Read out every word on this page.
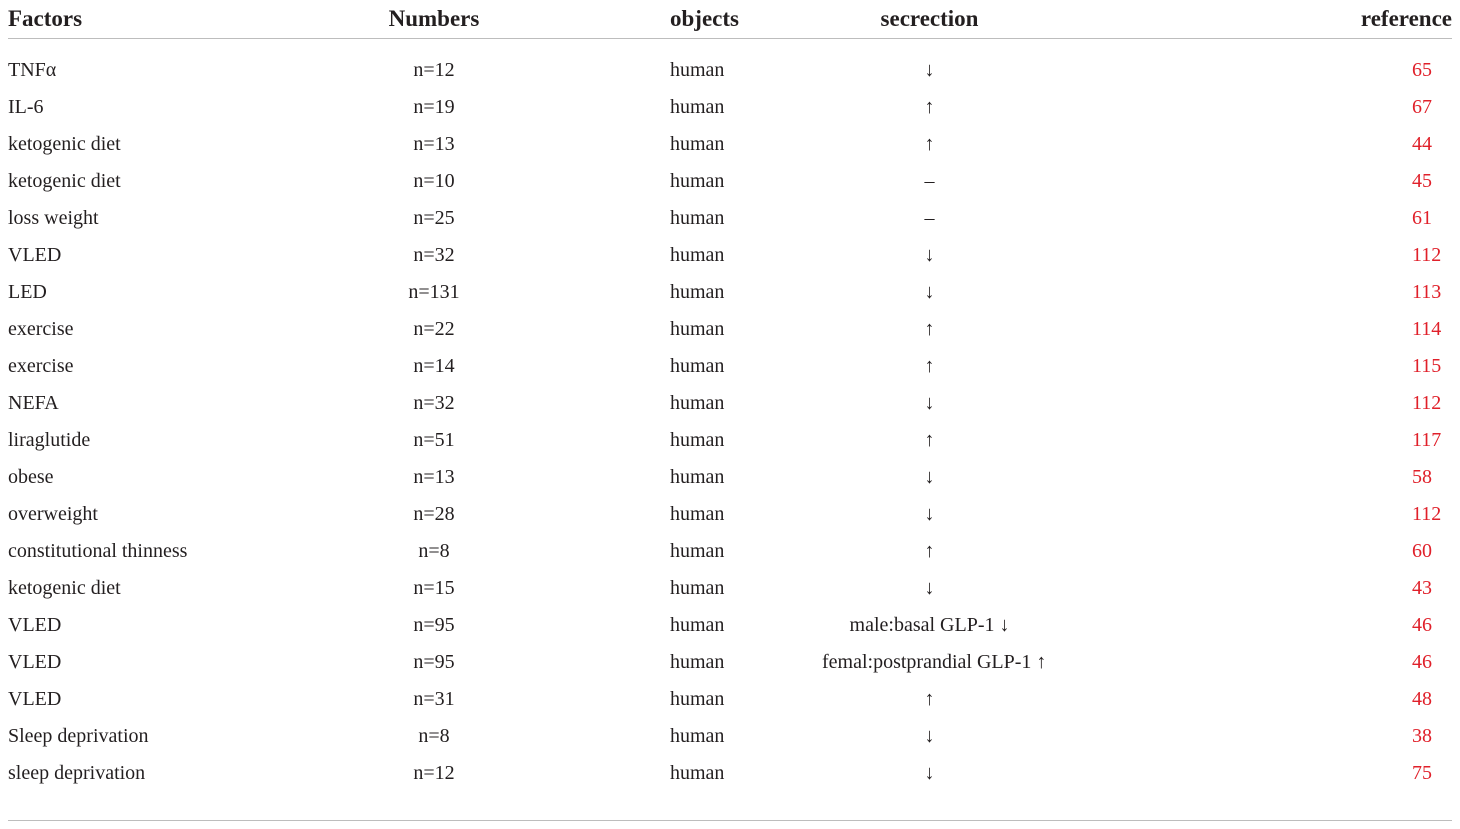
Factors	Numbers	objects	secrection		reference

TNFα	n=12	human	↓		65
IL-6	n=19	human	↑		67
ketogenic diet	n=13	human	↑		44
ketogenic diet	n=10	human	–		45
loss weight	n=25	human	–		61
VLED	n=32	human	↓		112
LED	n=131	human	↓		113
exercise	n=22	human	↑		114
exercise	n=14	human	↑		115
NEFA	n=32	human	↓		112
liraglutide	n=51	human	↑		117
obese	n=13	human	↓		58
overweight	n=28	human	↓		112
constitutional thinness	n=8	human	↑		60
ketogenic diet	n=15	human	↓		43
VLED	n=95	human	male:basal GLP-1 ↓		46
VLED	n=95	human	femal:postprandial GLP-1 ↑		46
VLED	n=31	human	↑		48
Sleep deprivation	n=8	human	↓		38
sleep deprivation	n=12	human	↓		75
